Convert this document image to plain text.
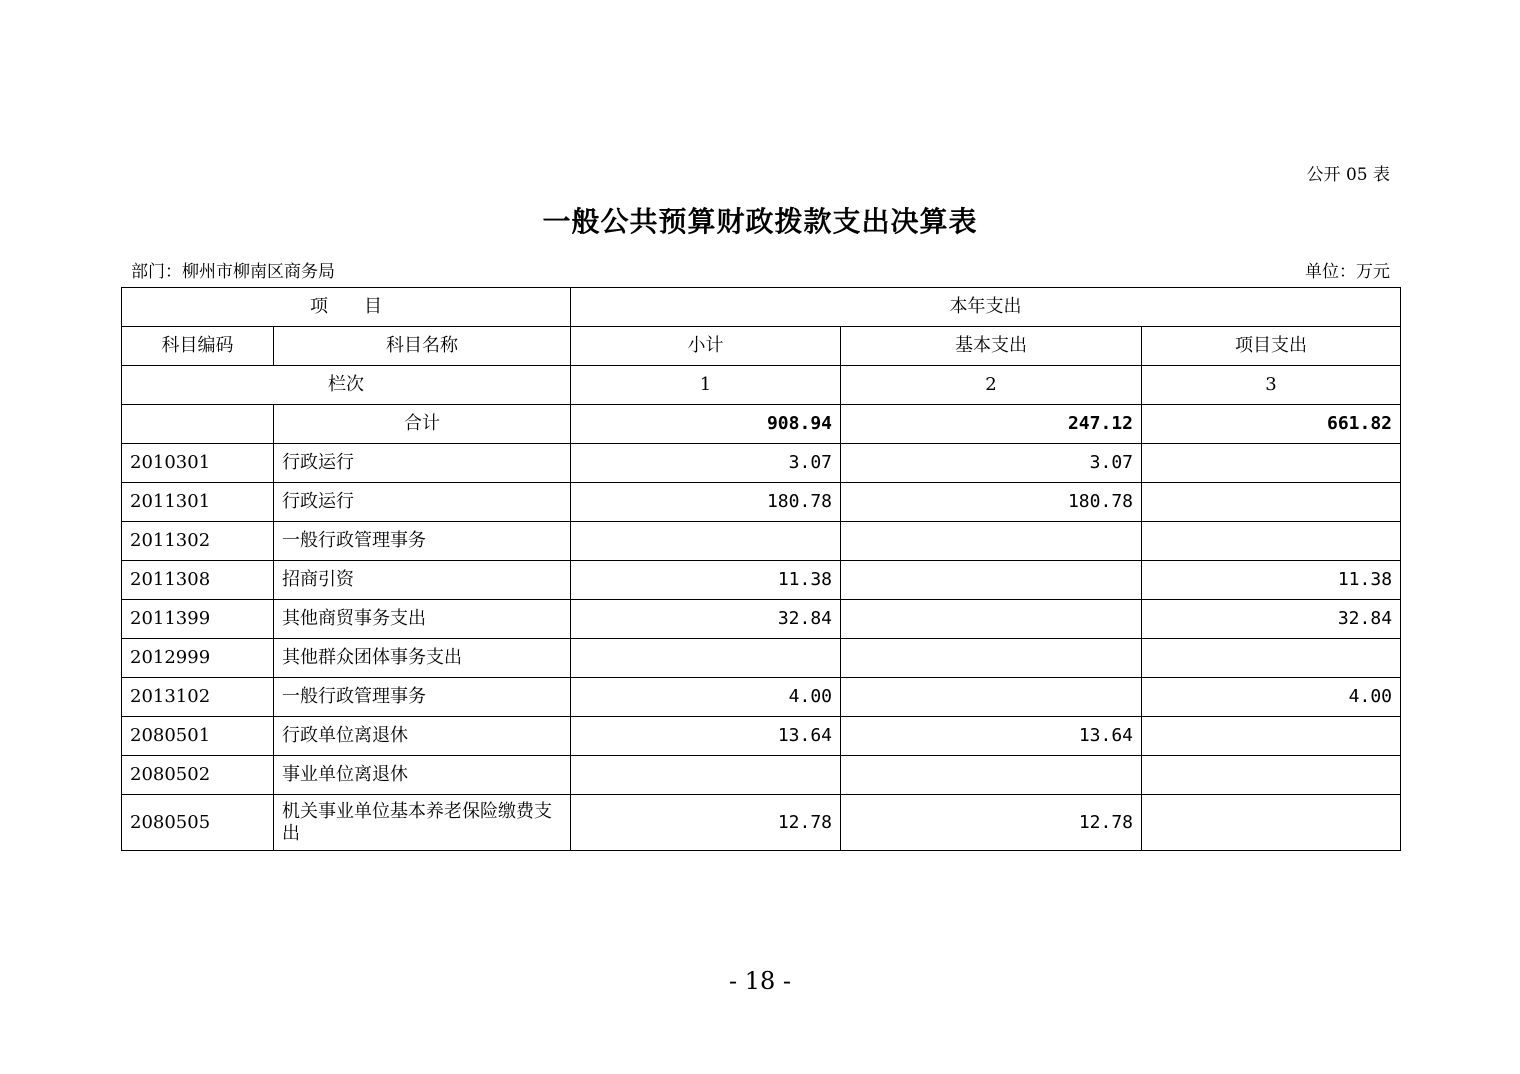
公开 05 表
一般公共预算财政拨款支出决算表
部门：柳州市柳南区商务局	单位：万元
项　　目		本年支出		
科目编码	科目名称	小计	基本支出	项目支出
栏次		1	2	3
	合计	908.94	247.12	661.82
2010301	行政运行	3.07	3.07	
2011301	行政运行	180.78	180.78	
2011302	一般行政管理事务			
2011308	招商引资	11.38		11.38
2011399	其他商贸事务支出	32.84		32.84
2012999	其他群众团体事务支出			
2013102	一般行政管理事务	4.00		4.00
2080501	行政单位离退休	13.64	13.64	
2080502	事业单位离退休			
2080505	机关事业单位基本养老保险缴费支出	12.78	12.78	
- 18 -
